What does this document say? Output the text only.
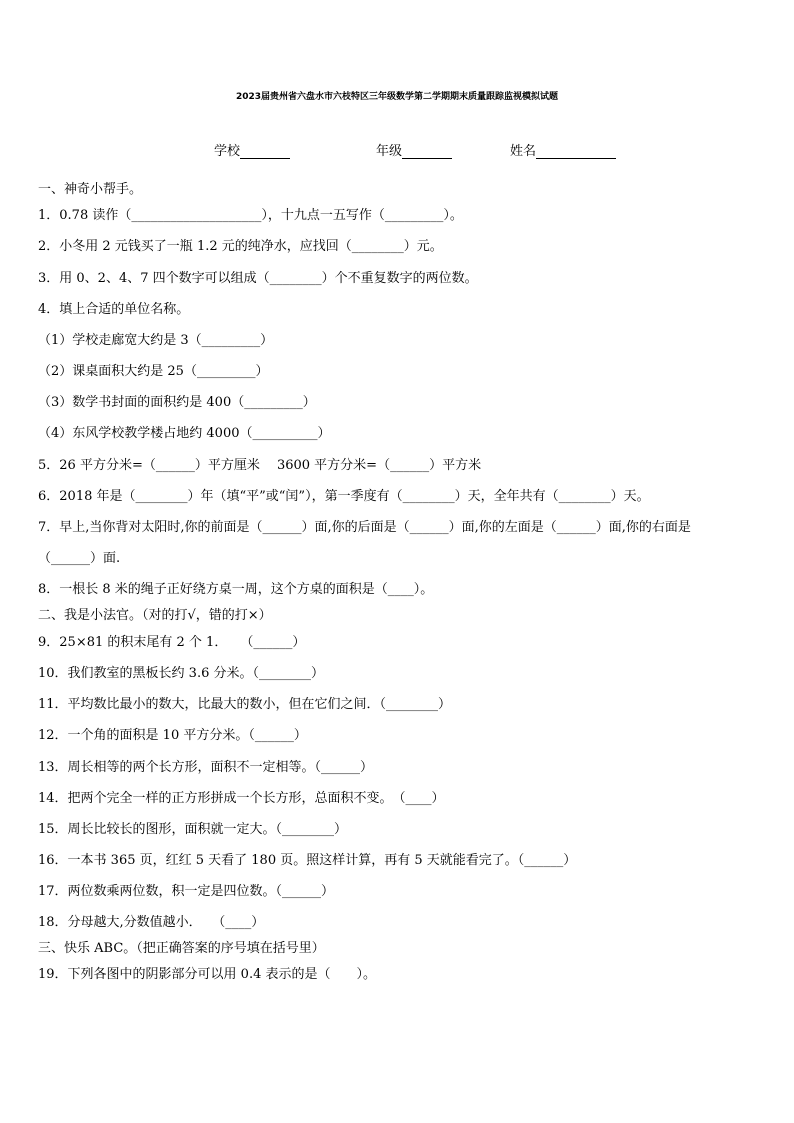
2023届贵州省六盘水市六枝特区三年级数学第二学期期末质量跟踪监视模拟试题
学校	年级	姓名
一、神奇小帮手。
1．0.78 读作（____________________），十九点一五写作（_________）。
2．小冬用 2 元钱买了一瓶 1.2 元的纯净水，应找回（________）元。
3．用 0、2、4、7 四个数字可以组成（________）个不重复数字的两位数。
4．填上合适的单位名称。
（1）学校走廊宽大约是 3（_________）
（2）课桌面积大约是 25（_________）
（3）数学书封面的面积约是 400（_________）
（4）东风学校教学楼占地约 4000（__________）
5．26 平方分米=（______）平方厘米　 3600 平方分米=（______）平方米
6．2018 年是（________）年（填“平”或“闰”），第一季度有（________）天，全年共有（________）天。
7．早上,当你背对太阳时,你的前面是（______）面,你的后面是（______）面,你的左面是（______）面,你的右面是
（______）面.
8．一根长 8 米的绳子正好绕方桌一周，这个方桌的面积是（____）。
二、我是小法官。（对的打√，错的打×）
9．25×81 的积末尾有 2 个 1．　　（______）
10．我们教室的黑板长约 3.6 分米。（________）
11．平均数比最小的数大，比最大的数小，但在它们之间．（________）
12．一个角的面积是 10 平方分米。（______）
13．周长相等的两个长方形，面积不一定相等。（______）
14．把两个完全一样的正方形拼成一个长方形，总面积不变。　（____）
15．周长比较长的图形，面积就一定大。（________）
16．一本书 365 页，红红 5 天看了 180 页。照这样计算，再有 5 天就能看完了。（______）
17．两位数乘两位数，积一定是四位数。（______）
18．分母越大,分数值越小．　 （____）
三、快乐 ABC。（把正确答案的序号填在括号里）
19．下列各图中的阴影部分可以用 0.4 表示的是（　　）。
